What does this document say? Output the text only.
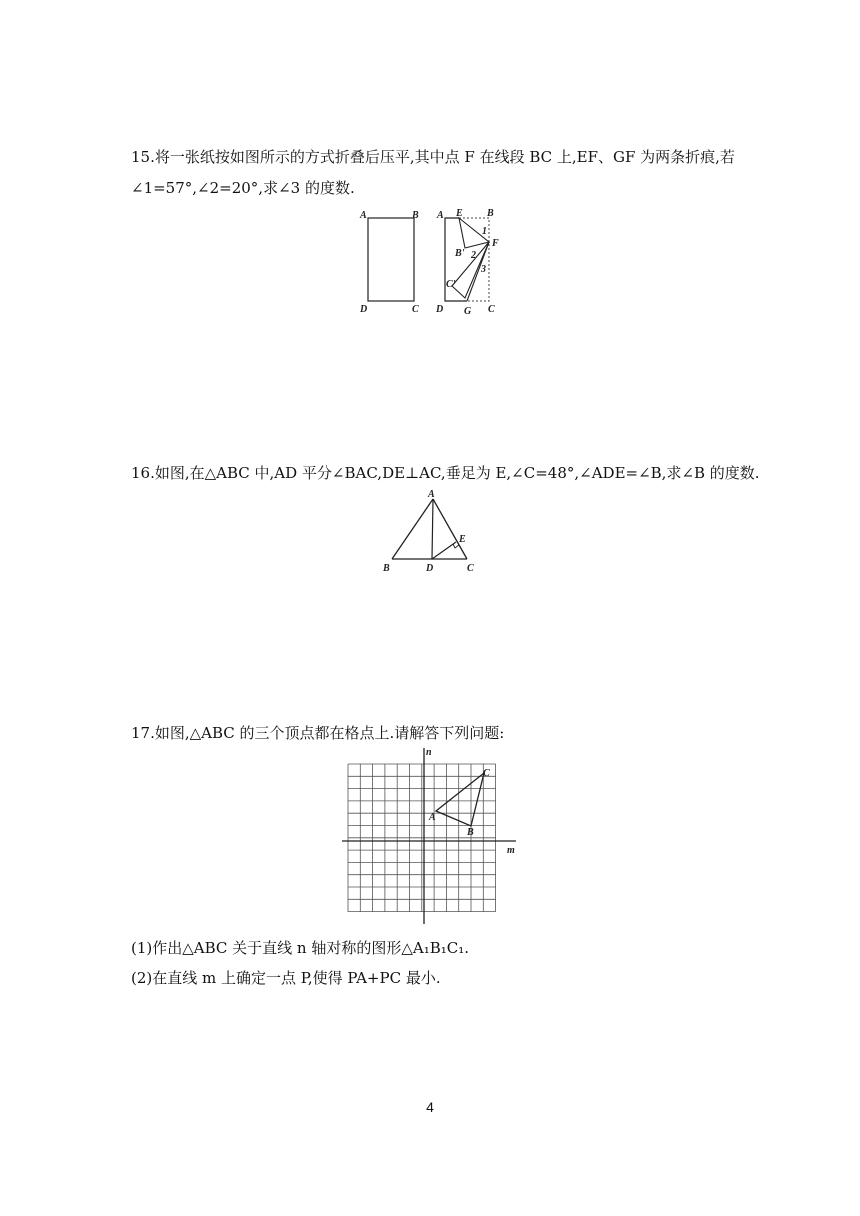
15.将一张纸按如图所示的方式折叠后压平,其中点 F 在线段 BC 上,EF、GF 为两条折痕,若
∠1=57°,∠2=20°,求∠3 的度数.
A	B
D	C
A E B
B'
1
2
F
3
C'
D G C
16.如图,在△ABC 中,AD 平分∠BAC,DE⊥AC,垂足为 E,∠C=48°,∠ADE=∠B,求∠B 的度数.
A
B	D	C
E
17.如图,△ABC 的三个顶点都在格点上.请解答下列问题:
n
m
A
B
C
(1)作出△ABC 关于直线 n 轴对称的图形△A₁B₁C₁.
(2)在直线 m 上确定一点 P,使得 PA+PC 最小.
4
